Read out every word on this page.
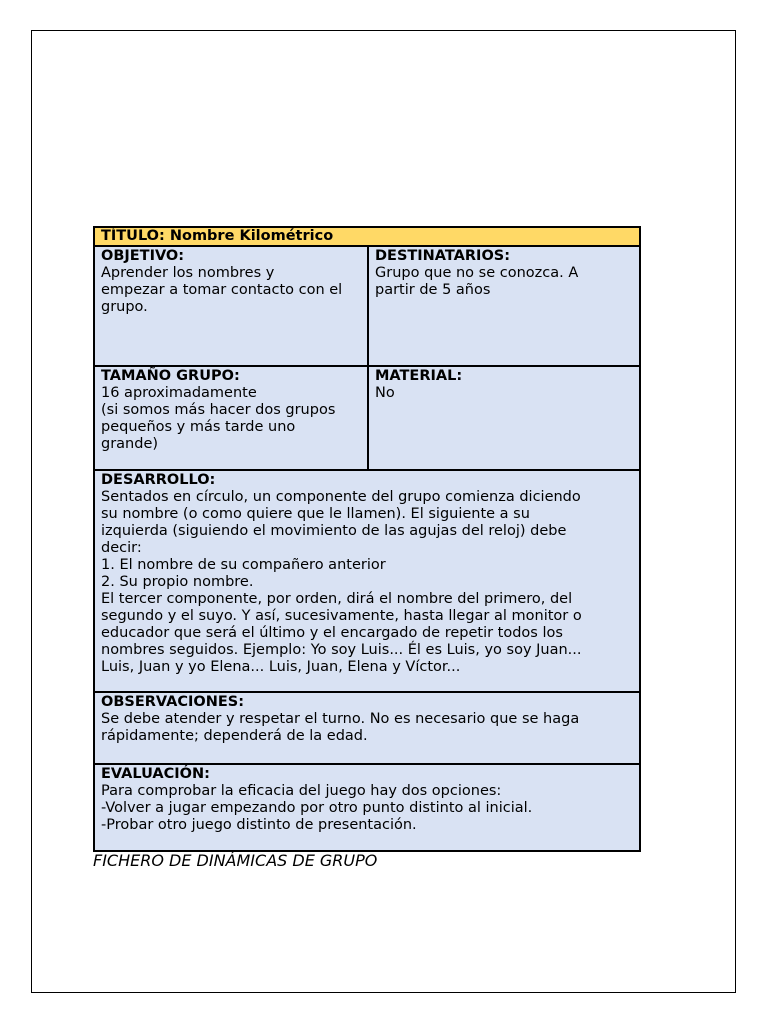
TÍTULO: Nombre Kilométrico
OBJETIVO:
Aprender los nombres y
empezar a tomar contacto con el
grupo.
DESTINATARIOS:
Grupo que no se conozca. A
partir de 5 años
TAMAÑO GRUPO:
16 aproximadamente
(si somos más hacer dos grupos
pequeños y más tarde uno
grande)
MATERIAL:
No
DESARROLLO:
Sentados en círculo, un componente del grupo comienza diciendo
su nombre (o como quiere que le llamen). El siguiente a su
izquierda (siguiendo el movimiento de las agujas del reloj) debe
decir:
1. El nombre de su compañero anterior
2. Su propio nombre.
El tercer componente, por orden, dirá el nombre del primero, del
segundo y el suyo. Y así, sucesivamente, hasta llegar al monitor o
educador que será el último y el encargado de repetir todos los
nombres seguidos. Ejemplo: Yo soy Luis... Él es Luis, yo soy Juan...
Luis, Juan y yo Elena... Luis, Juan, Elena y Víctor...
OBSERVACIONES:
Se debe atender y respetar el turno. No es necesario que se haga
rápidamente; dependerá de la edad.
EVALUACIÓN:
Para comprobar la eficacia del juego hay dos opciones:
-Volver a jugar empezando por otro punto distinto al inicial.
-Probar otro juego distinto de presentación.
FICHERO DE DINÁMICAS DE GRUPO
